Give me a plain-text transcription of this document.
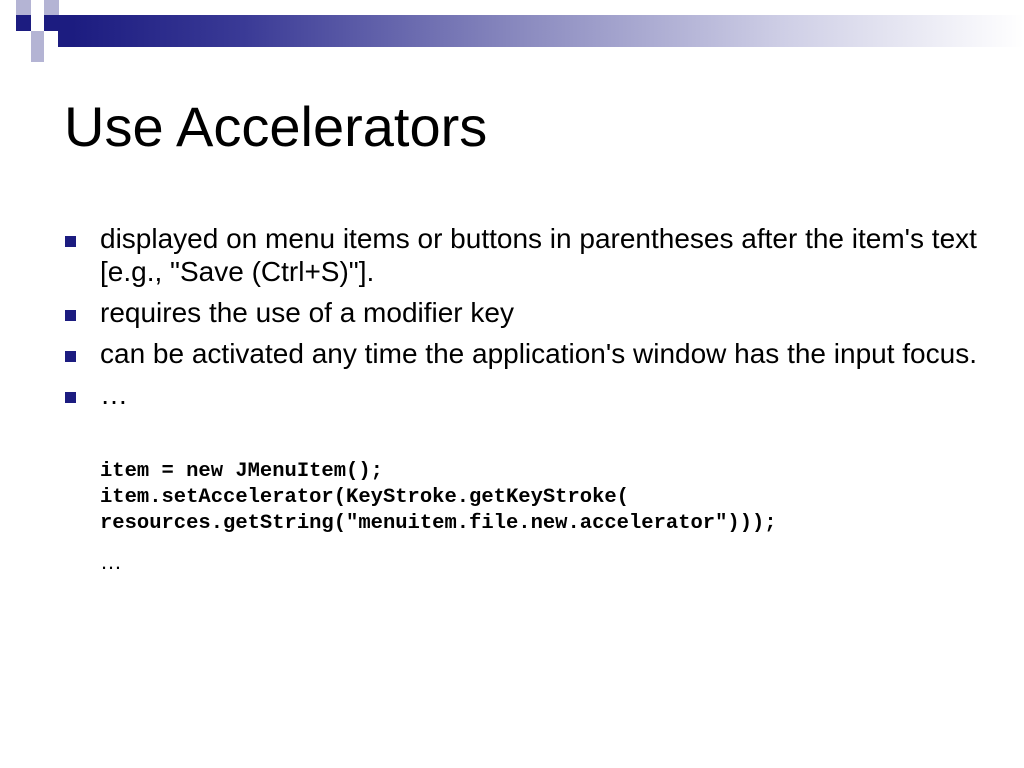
Use Accelerators
displayed on menu items or buttons in parentheses after the item's text [e.g., "Save (Ctrl+S)"].
requires the use of a modifier key
can be activated any time the application's window has the input focus.
…
item = new JMenuItem();
item.setAccelerator(KeyStroke.getKeyStroke(
resources.getString("menuitem.file.new.accelerator")));
…
